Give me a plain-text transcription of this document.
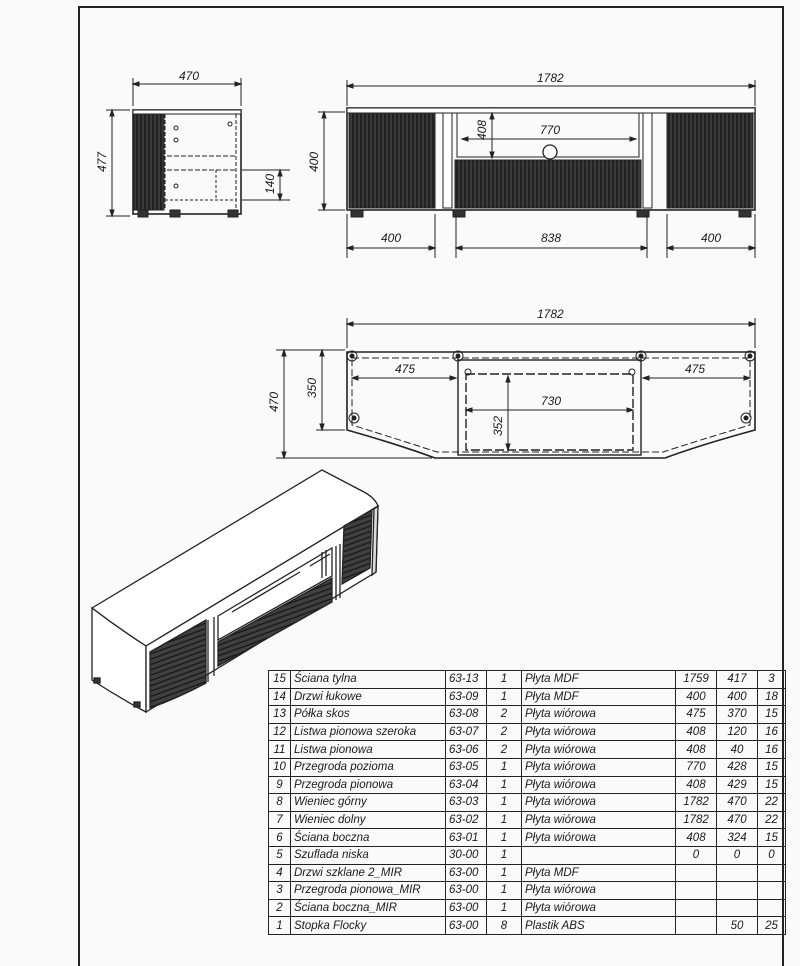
470
477
140
1782
770
408
400
400	838	400
1782
475	475
730
352
350
470
15	Ściana tylna	63-13	1	Płyta MDF	1759	417	3
14	Drzwi łukowe	63-09	1	Płyta MDF	400	400	18
13	Półka skos	63-08	2	Płyta wiórowa	475	370	15
12	Listwa pionowa szeroka	63-07	2	Płyta wiórowa	408	120	16
11	Listwa pionowa	63-06	2	Płyta wiórowa	408	40	16
10	Przegroda pozioma	63-05	1	Płyta wiórowa	770	428	15
9	Przegroda pionowa	63-04	1	Płyta wiórowa	408	429	15
8	Wieniec górny	63-03	1	Płyta wiórowa	1782	470	22
7	Wieniec dolny	63-02	1	Płyta wiórowa	1782	470	22
6	Ściana boczna	63-01	1	Płyta wiórowa	408	324	15
5	Szuflada niska	30-00	1		0	0	0
4	Drzwi szklane 2_MIR	63-00	1	Płyta MDF			
3	Przegroda pionowa_MIR	63-00	1	Płyta wiórowa			
2	Ściana boczna_MIR	63-00	1	Płyta wiórowa			
1	Stopka Flocky	63-00	8	Plastik ABS		50	25
